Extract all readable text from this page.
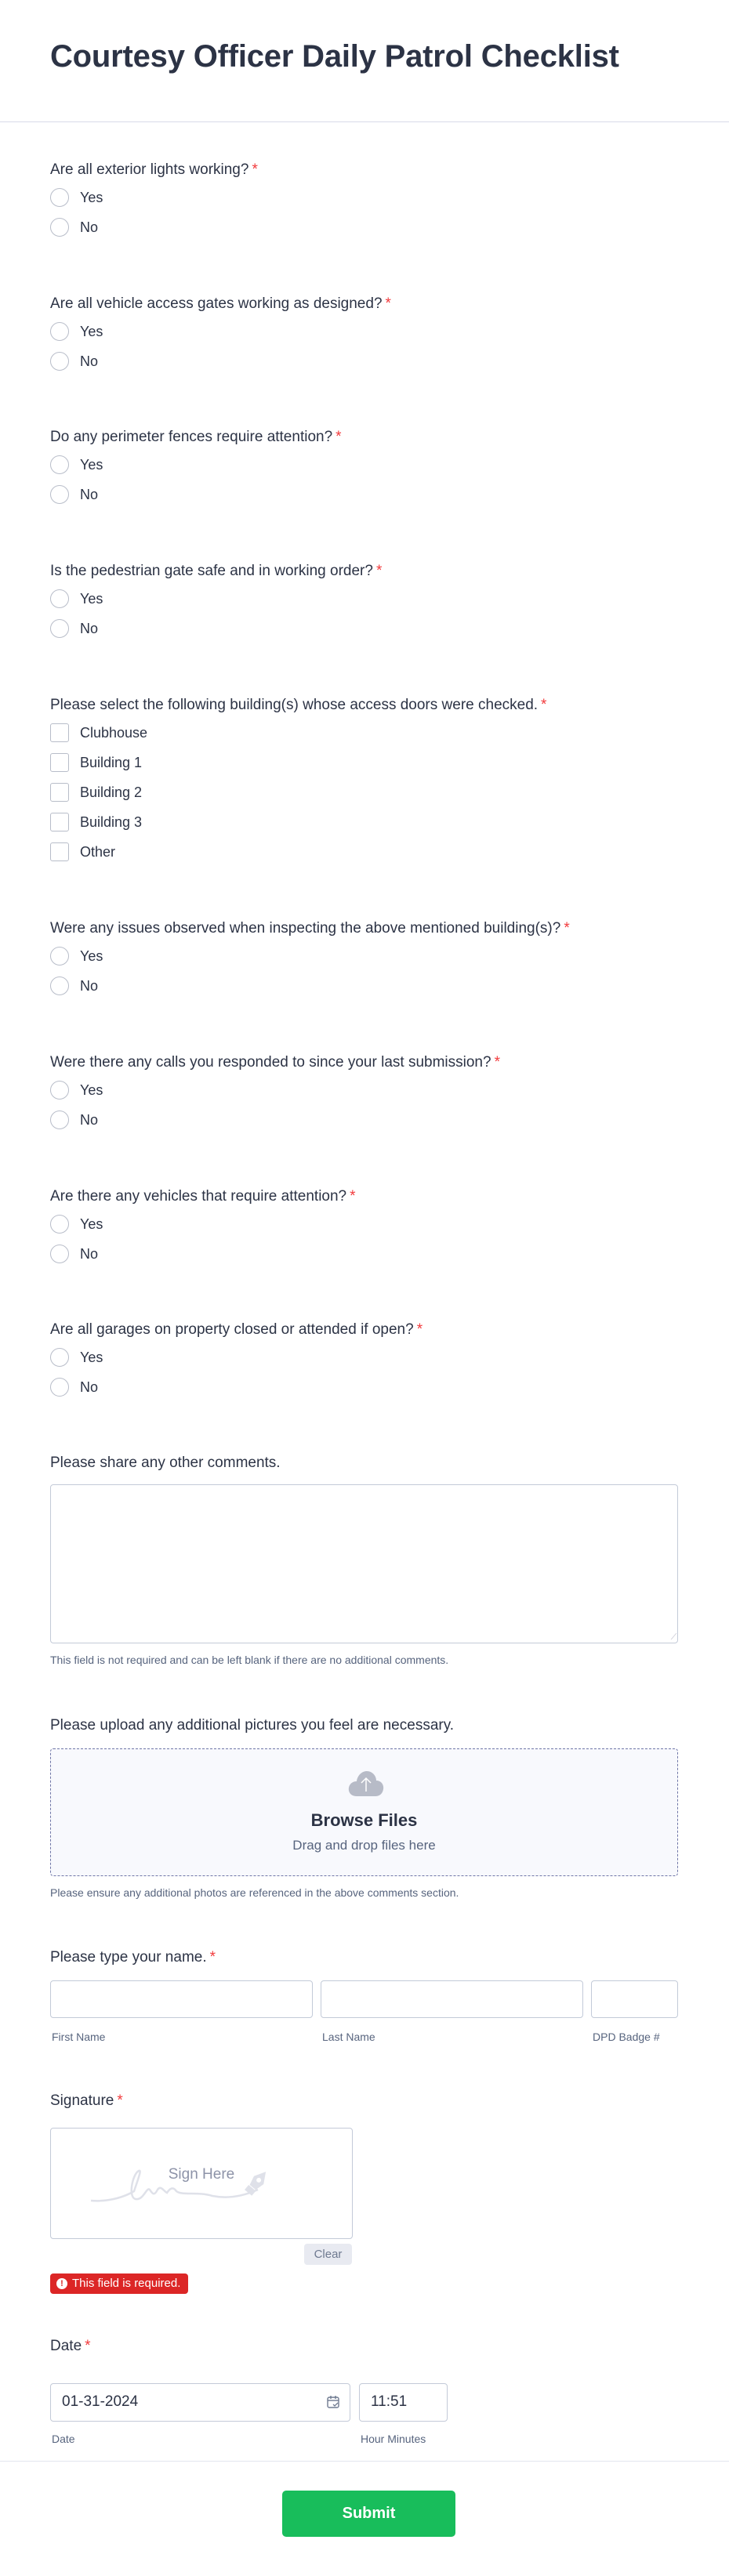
Courtesy Officer Daily Patrol Checklist
Are all exterior lights working? *
Yes
No
Are all vehicle access gates working as designed? *
Yes
No
Do any perimeter fences require attention? *
Yes
No
Is the pedestrian gate safe and in working order? *
Yes
No
Please select the following building(s) whose access doors were checked. *
Clubhouse
Building 1
Building 2
Building 3
Other
Were any issues observed when inspecting the above mentioned building(s)? *
Yes
No
Were there any calls you responded to since your last submission? *
Yes
No
Are there any vehicles that require attention? *
Yes
No
Are all garages on property closed or attended if open? *
Yes
No
Please share any other comments.
This field is not required and can be left blank if there are no additional comments.
Please upload any additional pictures you feel are necessary.
Browse Files
Drag and drop files here
Please ensure any additional photos are referenced in the above comments section.
Please type your name. *
First Name	Last Name	DPD Badge #
Signature *
Sign Here
Clear
! This field is required.
Date *
01-31-2024	11:51
Date	Hour Minutes
Submit
